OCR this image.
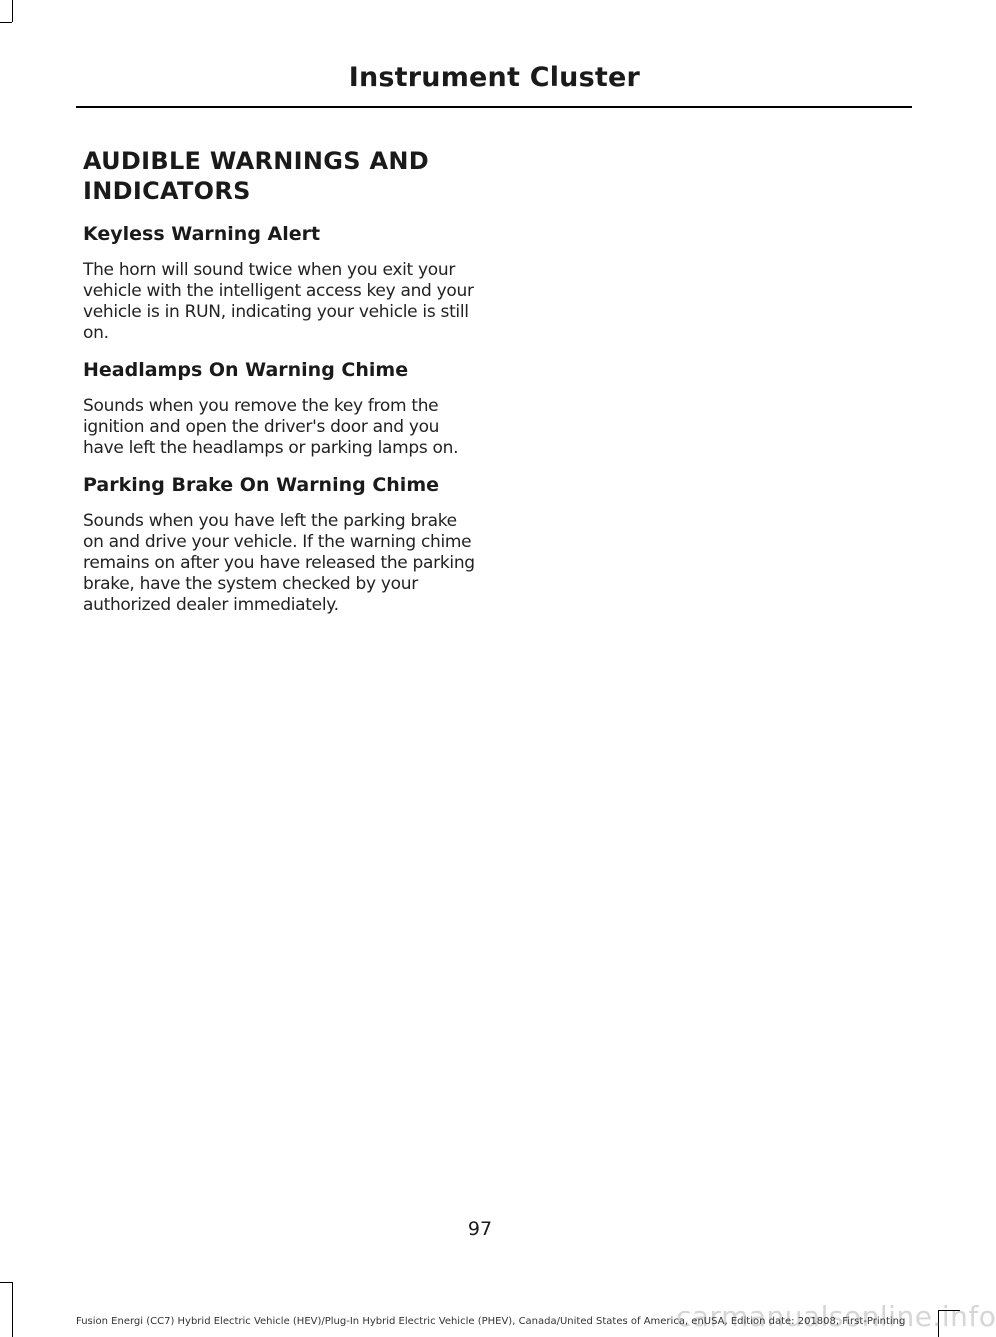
Instrument Cluster
AUDIBLE WARNINGS AND
INDICATORS
Keyless Warning Alert

The horn will sound twice when you exit your vehicle with the intelligent access key and your vehicle is in RUN, indicating your vehicle is still on.

Headlamps On Warning Chime

Sounds when you remove the key from the ignition and open the driver's door and you have left the headlamps or parking lamps on.

Parking Brake On Warning Chime

Sounds when you have left the parking brake on and drive your vehicle. If the warning chime remains on after you have released the parking brake, have the system checked by your authorized dealer immediately.

97
carmanualsonline.info
Fusion Energi (CC7) Hybrid Electric Vehicle (HEV)/Plug-In Hybrid Electric Vehicle (PHEV), Canada/United States of America, enUSA, Edition date: 201808, First-Printing
